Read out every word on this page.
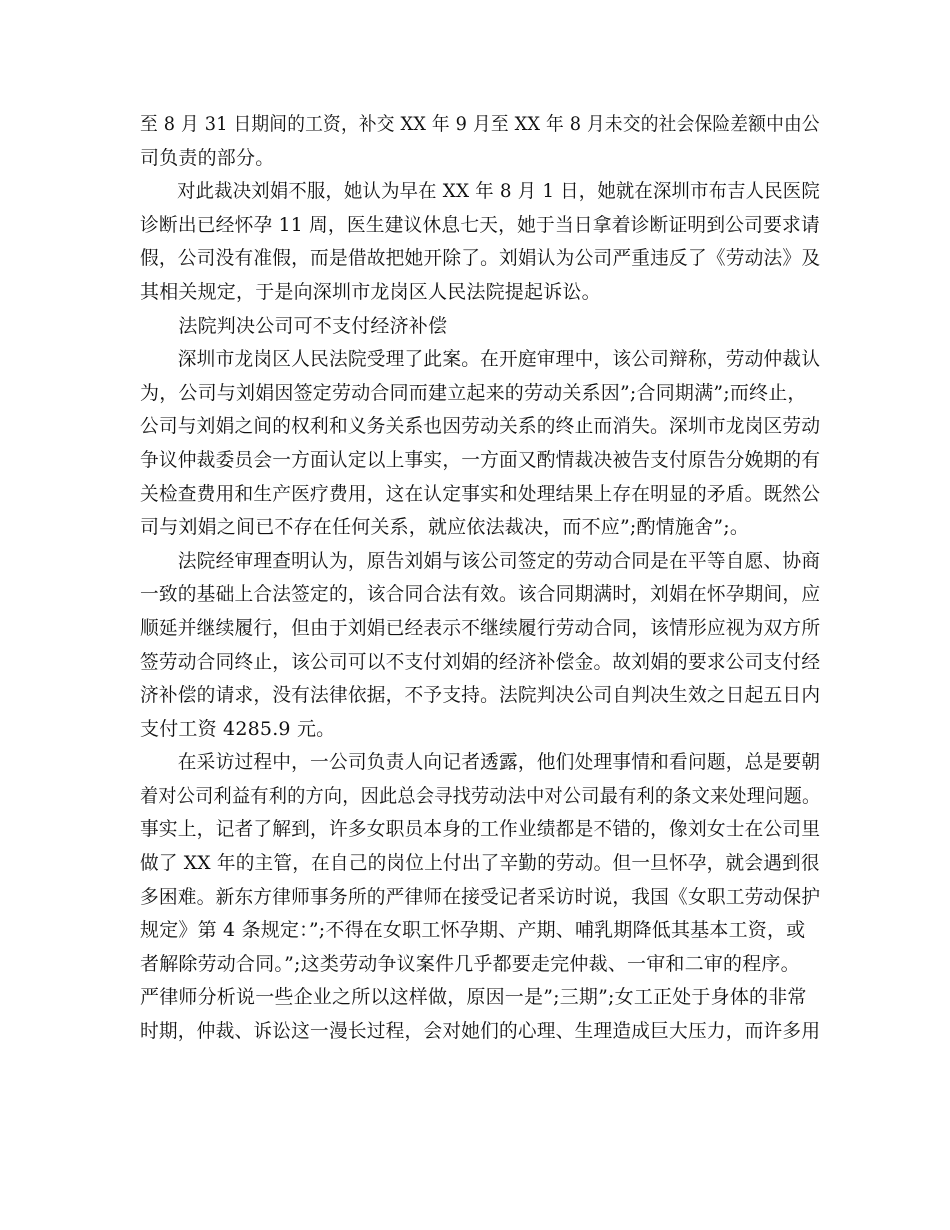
至 8 月 31 日期间的工资，补交 XX 年 9 月至 XX 年 8 月未交的社会保险差额中由公
司负责的部分。
　　对此裁决刘娟不服，她认为早在 XX 年 8 月 1 日，她就在深圳市布吉人民医院
诊断出已经怀孕 11 周，医生建议休息七天，她于当日拿着诊断证明到公司要求请
假，公司没有准假，而是借故把她开除了。刘娟认为公司严重违反了《劳动法》及
其相关规定，于是向深圳市龙岗区人民法院提起诉讼。
　　法院判决公司可不支付经济补偿
　　深圳市龙岗区人民法院受理了此案。在开庭审理中，该公司辩称，劳动仲裁认
为，公司与刘娟因签定劳动合同而建立起来的劳动关系因”;合同期满”;而终止，
公司与刘娟之间的权利和义务关系也因劳动关系的终止而消失。深圳市龙岗区劳动
争议仲裁委员会一方面认定以上事实，一方面又酌情裁决被告支付原告分娩期的有
关检查费用和生产医疗费用，这在认定事实和处理结果上存在明显的矛盾。既然公
司与刘娟之间已不存在任何关系，就应依法裁决，而不应”;酌情施舍”;。
　　法院经审理查明认为，原告刘娟与该公司签定的劳动合同是在平等自愿、协商
一致的基础上合法签定的，该合同合法有效。该合同期满时，刘娟在怀孕期间，应
顺延并继续履行，但由于刘娟已经表示不继续履行劳动合同，该情形应视为双方所
签劳动合同终止，该公司可以不支付刘娟的经济补偿金。故刘娟的要求公司支付经
济补偿的请求，没有法律依据，不予支持。法院判决公司自判决生效之日起五日内
支付工资 4285.9 元。
　　在采访过程中，一公司负责人向记者透露，他们处理事情和看问题，总是要朝
着对公司利益有利的方向，因此总会寻找劳动法中对公司最有利的条文来处理问题。
事实上，记者了解到，许多女职员本身的工作业绩都是不错的，像刘女士在公司里
做了 XX 年的主管，在自己的岗位上付出了辛勤的劳动。但一旦怀孕，就会遇到很
多困难。新东方律师事务所的严律师在接受记者采访时说，我国《女职工劳动保护
规定》第 4 条规定：”;不得在女职工怀孕期、产期、哺乳期降低其基本工资，或
者解除劳动合同。”;这类劳动争议案件几乎都要走完仲裁、一审和二审的程序。
严律师分析说一些企业之所以这样做，原因一是”;三期”;女工正处于身体的非常
时期，仲裁、诉讼这一漫长过程，会对她们的心理、生理造成巨大压力，而许多用
